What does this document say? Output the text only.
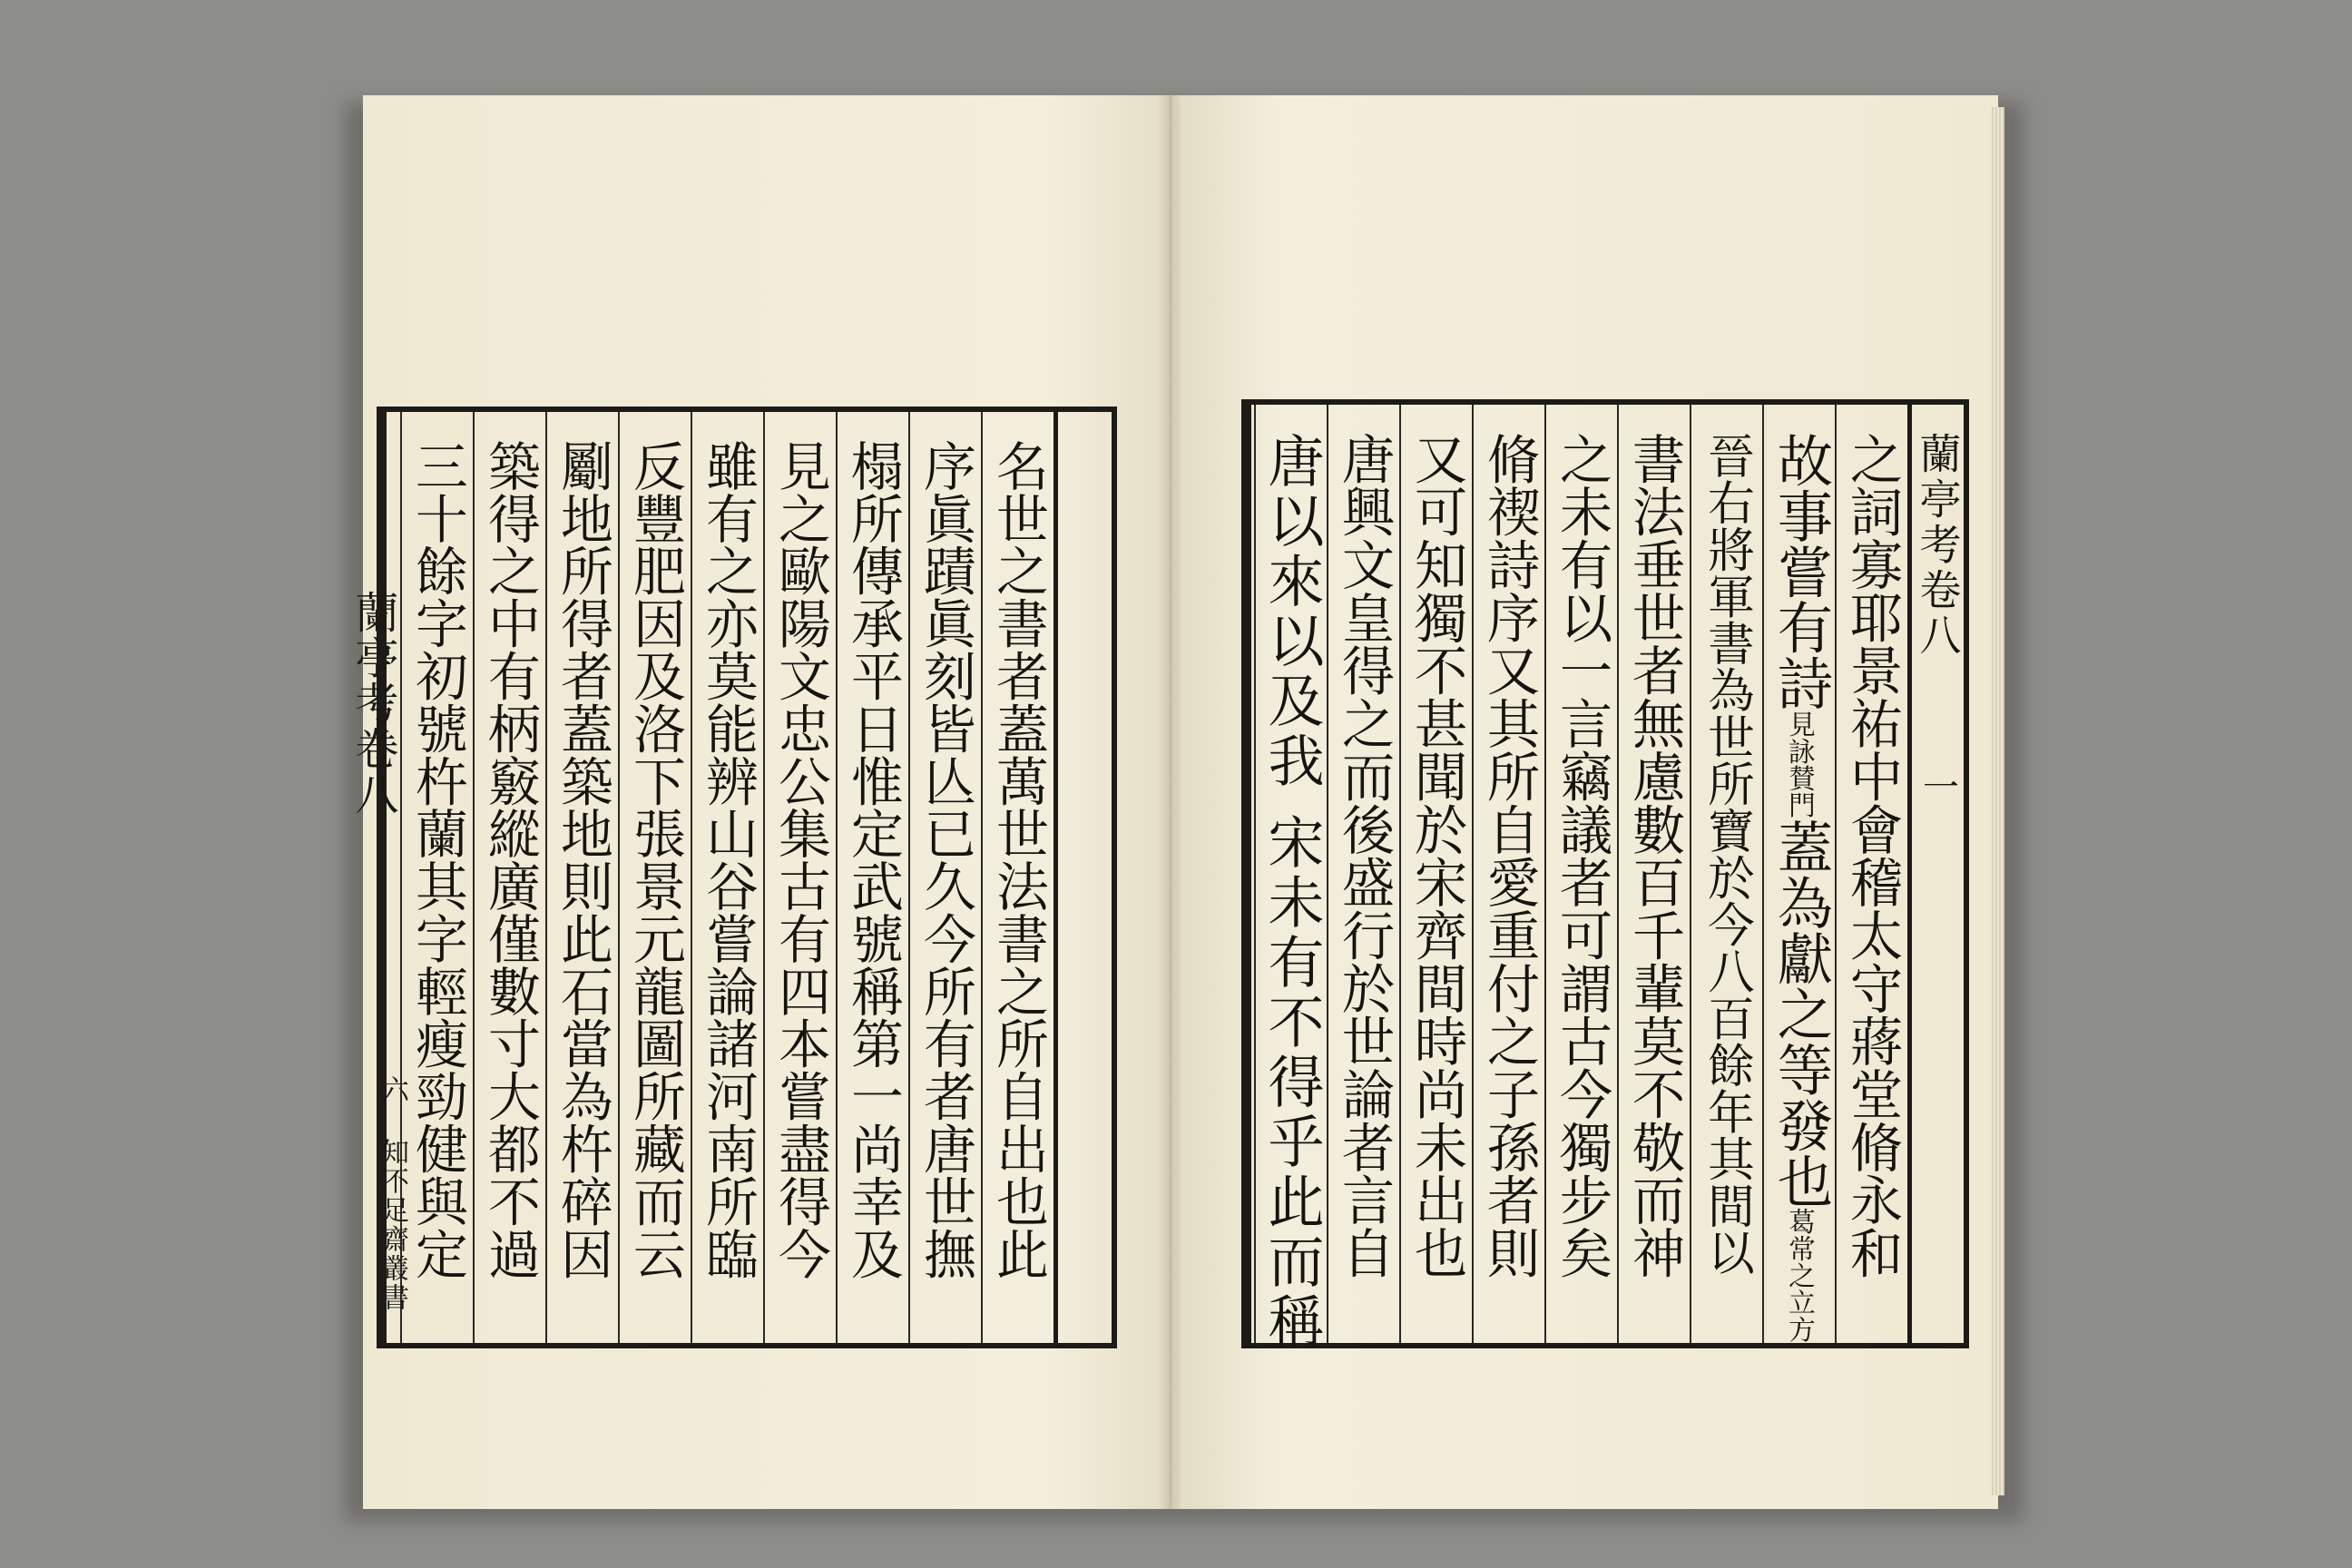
名世之書者蓋萬世法書之所自出也此
序眞蹟眞刻皆亾已久今所有者唐世撫
榻所傳承平日惟定武號稱第一尚幸及
見之歐陽文忠公集古有四本嘗盡得今
雖有之亦莫能辨山谷嘗論諸河南所臨
反豐肥因及洛下張景元龍圖所藏而云
劚地所得者蓋築地則此石當為杵碎因
築得之中有柄竅縱廣僅數寸大都不過
三十餘字初號杵蘭其字輕瘦勁健與定
蘭亭考卷八
六 知不足齋叢書
蘭亭考卷八
一
之詞寡耶景祐中會稽太守蔣堂脩永和
故事嘗有詩
見詠賛門
蓋為獻之等發也
葛常之立方
晉右將軍書為世所寶於今八百餘年其間以
書法垂世者無慮數百千輩莫不敬而神
之未有以一言竊議者可謂古今獨步矣
脩禊詩序又其所自愛重付之子孫者則
又可知獨不甚聞於宋齊間時尚未出也
唐興文皇得之而後盛行於世論者言自
唐以來以及我
宋未有不得乎此而稱
